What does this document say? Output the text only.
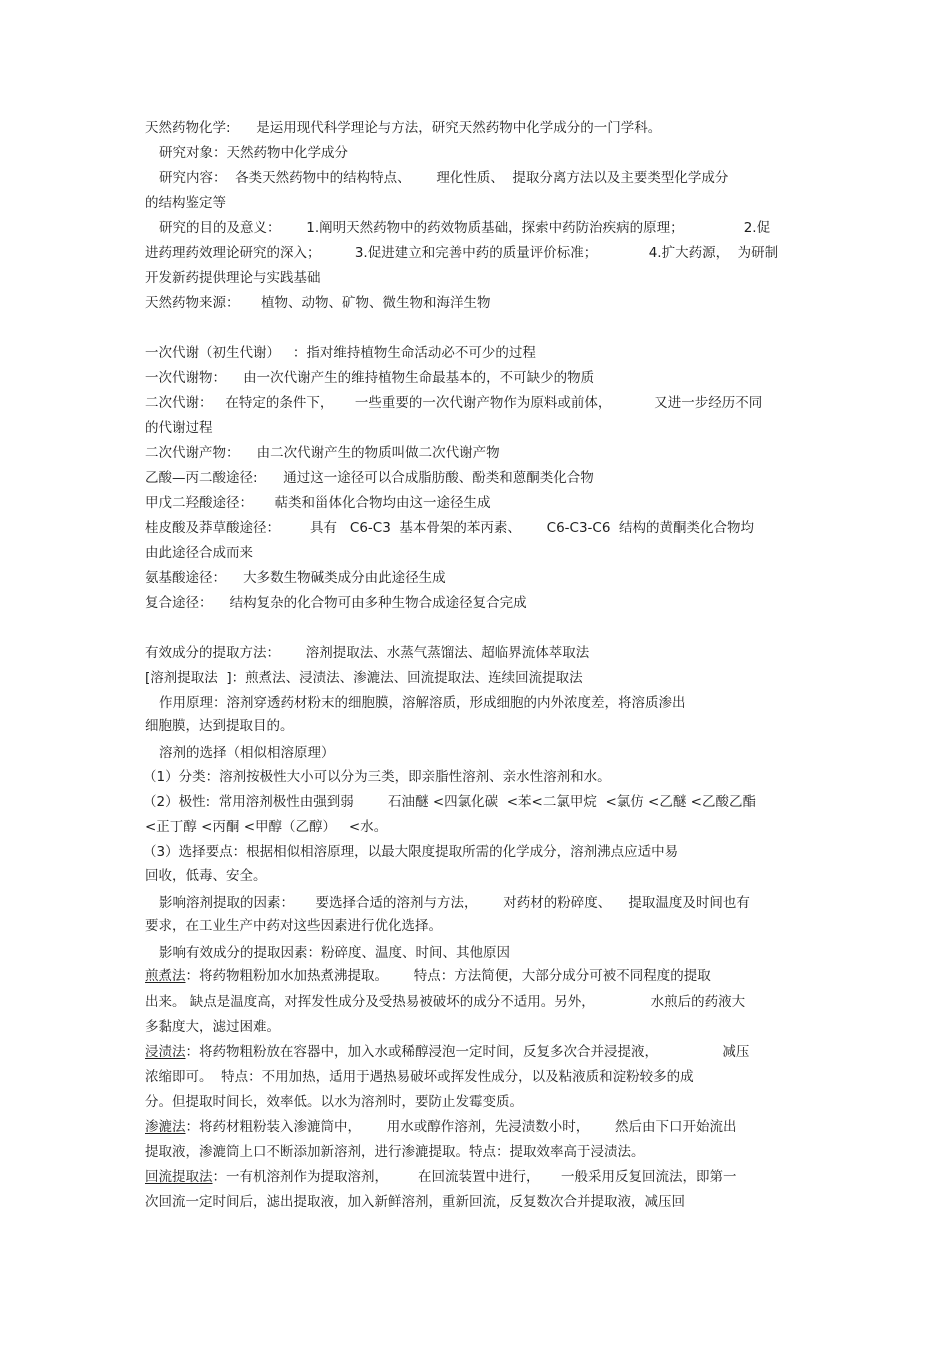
天然药物化学:      是运用现代科学理论与方法，研究天然药物中化学成分的一门学科。

研究对象：天然药物中化学成分

研究内容：  各类天然药物中的结构特点、      理化性质、  提取分离方法以及主要类型化学成分

的结构鉴定等

研究的目的及意义：      1.阐明天然药物中的药效物质基础，探索中药防治疾病的原理；              2.促

进药理药效理论研究的深入；        3.促进建立和完善中药的质量评价标准；            4.扩大药源，  为研制

开发新药提供理论与实践基础

天然药物来源：     植物、动物、矿物、微生物和海洋生物

一次代谢（初生代谢）   ：指对维持植物生命活动必不可少的过程

一次代谢物：    由一次代谢产生的维持植物生命最基本的，不可缺少的物质

二次代谢：   在特定的条件下，     一些重要的一次代谢产物作为原料或前体，          又进一步经历不同

的代谢过程

二次代谢产物：    由二次代谢产生的物质叫做二次代谢产物

乙酸—丙二酸途径:      通过这一途径可以合成脂肪酸、酚类和蒽酮类化合物

甲戊二羟酸途径：     萜类和甾体化合物均由这一途径生成

桂皮酸及莽草酸途径：       具有   C6-C3  基本骨架的苯丙素、      C6-C3-C6  结构的黄酮类化合物均

由此途径合成而来

氨基酸途径：    大多数生物碱类成分由此途径生成

复合途径：    结构复杂的化合物可由多种生物合成途径复合完成

有效成分的提取方法：      溶剂提取法、水蒸气蒸馏法、超临界流体萃取法

[溶剂提取法  ]：煎煮法、浸渍法、渗漉法、回流提取法、连续回流提取法

作用原理：溶剂穿透药材粉末的细胞膜，溶解溶质，形成细胞的内外浓度差，将溶质渗出

细胞膜，达到提取目的。

溶剂的选择（相似相溶原理）

（1）分类：溶剂按极性大小可以分为三类，即亲脂性溶剂、亲水性溶剂和水。

（2）极性:  常用溶剂极性由强到弱        石油醚 <四氯化碳  <苯<二氯甲烷  <氯仿 <乙醚 <乙酸乙酯

<正丁醇 <丙酮 <甲醇（乙醇）   <水。

（3）选择要点：根据相似相溶原理，以最大限度提取所需的化学成分，溶剂沸点应适中易

回收，低毒、安全。

影响溶剂提取的因素：     要选择合适的溶剂与方法，      对药材的粉碎度、    提取温度及时间也有

要求，在工业生产中药对这些因素进行优化选择。

影响有效成分的提取因素：粉碎度、温度、时间、其他原因

煎煮法：将药物粗粉加水加热煮沸提取。      特点：方法简便，大部分成分可被不同程度的提取

出来。 缺点是温度高，对挥发性成分及受热易被破坏的成分不适用。另外，             水煎后的药液大

多黏度大，滤过困难。

浸渍法：将药物粗粉放在容器中，加入水或稀醇浸泡一定时间，反复多次合并浸提液，               减压

浓缩即可。  特点：不用加热，适用于遇热易破坏或挥发性成分，以及粘液质和淀粉较多的成

分。但提取时间长，效率低。以水为溶剂时，要防止发霉变质。

渗漉法：将药材粗粉装入渗漉筒中，      用水或醇作溶剂，先浸渍数小时，      然后由下口开始流出

提取液，渗漉筒上口不断添加新溶剂，进行渗漉提取。特点：提取效率高于浸渍法。

回流提取法：一有机溶剂作为提取溶剂，       在回流装置中进行，     一般采用反复回流法，即第一

次回流一定时间后，滤出提取液，加入新鲜溶剂，重新回流，反复数次合并提取液，减压回
